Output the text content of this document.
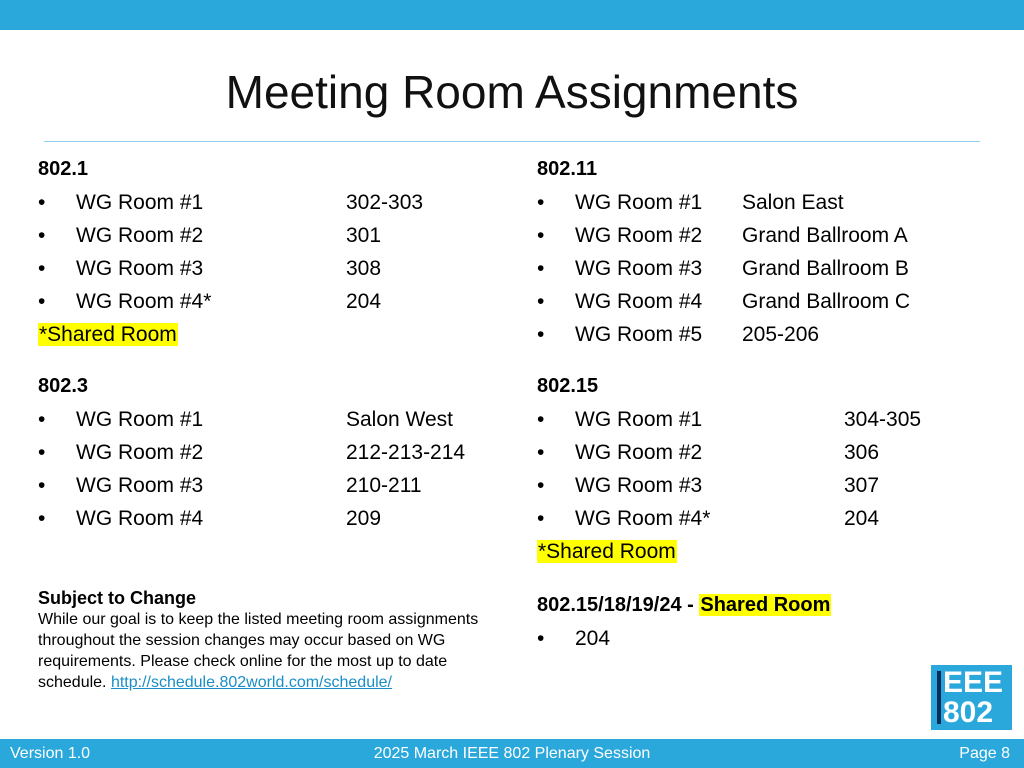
Meeting Room Assignments
802.1
• WG Room #1	302-303
• WG Room #2	301
• WG Room #3	308
• WG Room #4*	204
*Shared Room
802.3
• WG Room #1	Salon West
• WG Room #2	212-213-214
• WG Room #3	210-211
• WG Room #4	209
802.11
• WG Room #1 Salon East
• WG Room #2 Grand Ballroom A
• WG Room #3 Grand Ballroom B
• WG Room #4 Grand Ballroom C
• WG Room #5 205-206
802.15
• WG Room #1	304-305
• WG Room #2	306
• WG Room #3	307
• WG Room #4*	204
*Shared Room
Subject to Change
While our goal is to keep the listed meeting room assignments throughout the session changes may occur based on WG requirements. Please check online for the most up to date schedule. http://schedule.802world.com/schedule/
802.15/18/19/24 - Shared Room
• 204
EEE
802
Version 1.0	2025 March IEEE 802 Plenary Session	Page 8
